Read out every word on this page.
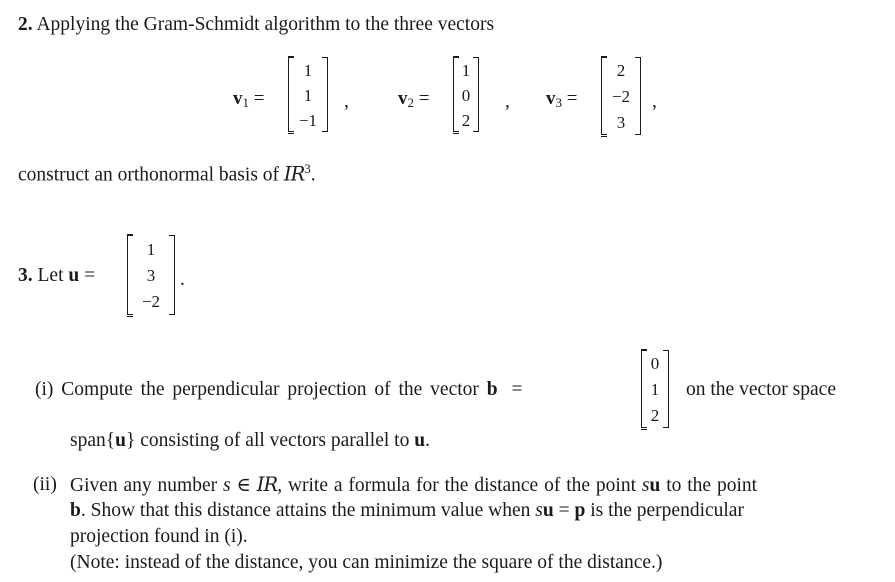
2. Applying the Gram-Schmidt algorithm to the three vectors
$v_1$ =
1
1
−1
,	$v_2$ =
1
0
2
, $v_3$ =
2
−2
3
,
construct an orthonormal basis of $IR^3$.
3. Let u =
1
3
−2
.
(i) Compute the perpendicular projection of the vector b =
0
1
2
on the vector space
span{u} consisting of all vectors parallel to u.
(ii) Given any number s ∈ IR, write a formula for the distance of the point su to the point
b. Show that this distance attains the minimum value when su = p is the perpendicular
projection found in (i).
(Note: instead of the distance, you can minimize the square of the distance.)
